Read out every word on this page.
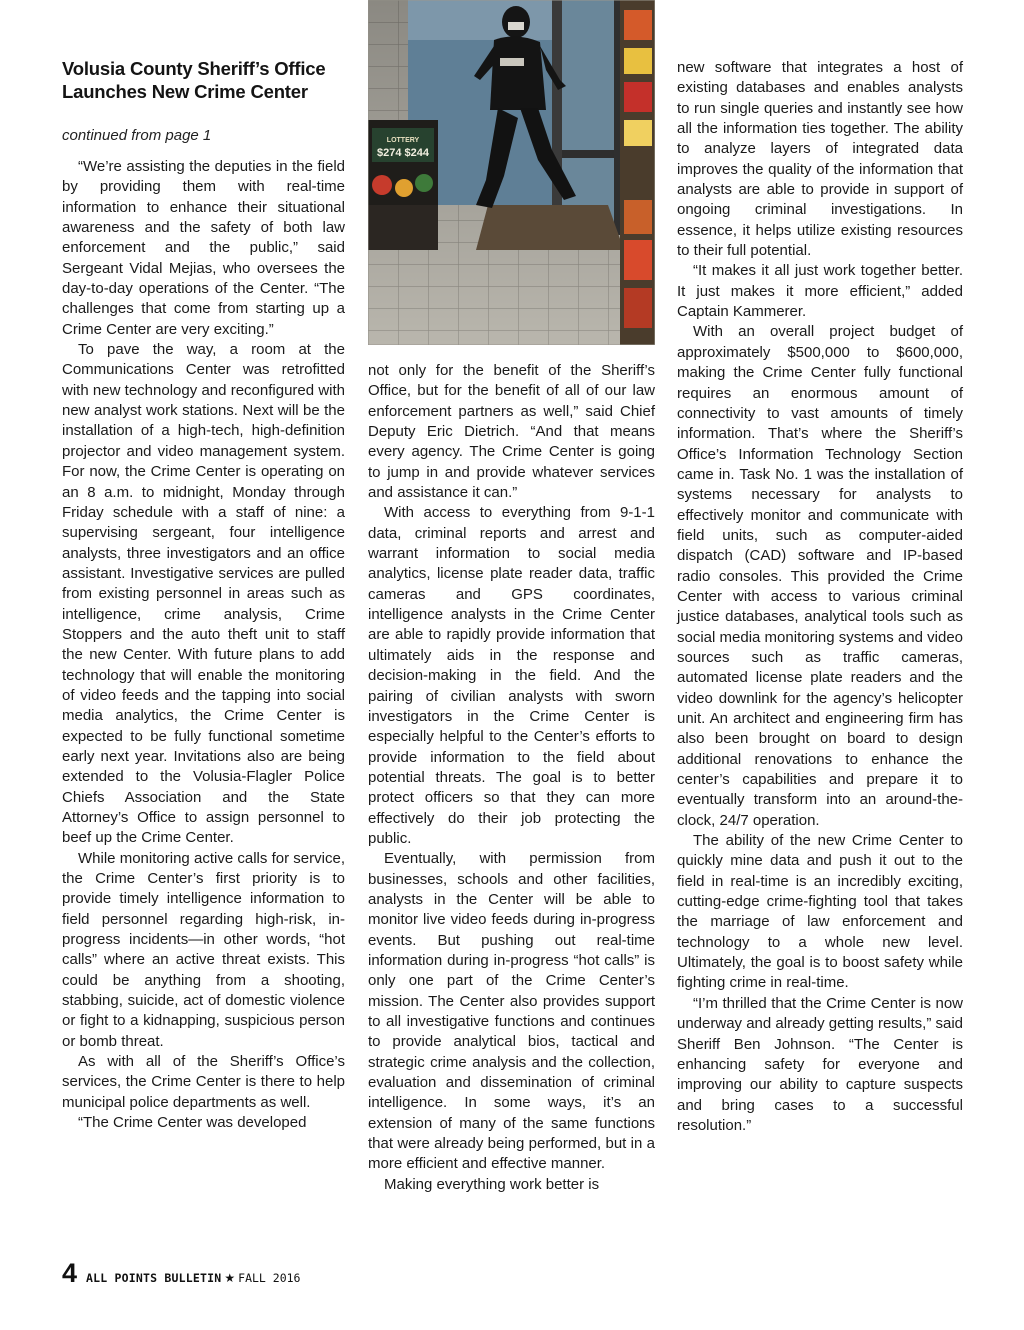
Volusia County Sheriff’s Office
Launches New Crime Center
continued from page 1

“We’re assisting the deputies in the field by providing them with real-time information to enhance their situational awareness and the safety of both law enforcement and the public,” said Sergeant Vidal Mejias, who oversees the day-to-day operations of the Center. “The challenges that come from starting up a Crime Center are very exciting.”

To pave the way, a room at the Communications Center was retrofitted with new technology and reconfigured with new analyst work stations. Next will be the installation of a high-tech, high-definition projector and video management system. For now, the Crime Center is operating on an 8 a.m. to midnight, Monday through Friday schedule with a staff of nine: a supervising sergeant, four intelligence analysts, three investigators and an office assistant. Investigative services are pulled from existing personnel in areas such as intelligence, crime analysis, Crime Stoppers and the auto theft unit to staff the new Center. With future plans to add technology that will enable the monitoring of video feeds and the tapping into social media analytics, the Crime Center is expected to be fully functional sometime early next year. Invitations also are being extended to the Volusia-Flagler Police Chiefs Association and the State Attorney’s Office to assign personnel to beef up the Crime Center.

While monitoring active calls for service, the Crime Center’s first priority is to provide timely intelligence information to field personnel regarding high-risk, in-progress incidents—in other words, “hot calls” where an active threat exists. This could be anything from a shooting, stabbing, suicide, act of domestic violence or fight to a kidnapping, suspicious person or bomb threat.

As with all of the Sheriff’s Office’s services, the Crime Center is there to help municipal police departments as well.

“The Crime Center was developed

LOTTERY
$274 $244

not only for the benefit of the Sheriff’s Office, but for the benefit of all of our law enforcement partners as well,” said Chief Deputy Eric Dietrich. “And that means every agency. The Crime Center is going to jump in and provide whatever services and assistance it can.”

With access to everything from 9-1-1 data, criminal reports and arrest and warrant information to social media analytics, license plate reader data, traffic cameras and GPS coordinates, intelligence analysts in the Crime Center are able to rapidly provide information that ultimately aids in the response and decision-making in the field. And the pairing of civilian analysts with sworn investigators in the Crime Center is especially helpful to the Center’s efforts to provide information to the field about potential threats. The goal is to better protect officers so that they can more effectively do their job protecting the public.

Eventually, with permission from businesses, schools and other facilities, analysts in the Center will be able to monitor live video feeds during in-progress events. But pushing out real-time information during in-progress “hot calls” is only one part of the Crime Center’s mission. The Center also provides support to all investigative functions and continues to provide analytical bios, tactical and strategic crime analysis and the collection, evaluation and dissemination of criminal intelligence. In some ways, it’s an extension of many of the same functions that were already being performed, but in a more efficient and effective manner.

Making everything work better is

new software that integrates a host of existing databases and enables analysts to run single queries and instantly see how all the information ties together. The ability to analyze layers of integrated data improves the quality of the information that analysts are able to provide in support of ongoing criminal investigations. In essence, it helps utilize existing resources to their full potential.

“It makes it all just work together better. It just makes it more efficient,” added Captain Kammerer.

With an overall project budget of approximately $500,000 to $600,000, making the Crime Center fully functional requires an enormous amount of connectivity to vast amounts of timely information. That’s where the Sheriff’s Office’s Information Technology Section came in. Task No. 1 was the installation of systems necessary for analysts to effectively monitor and communicate with field units, such as computer-aided dispatch (CAD) software and IP-based radio consoles. This provided the Crime Center with access to various criminal justice databases, analytical tools such as social media monitoring systems and video sources such as traffic cameras, automated license plate readers and the video downlink for the agency’s helicopter unit. An architect and engineering firm has also been brought on board to design additional renovations to enhance the center’s capabilities and prepare it to eventually transform into an around-the-clock, 24/7 operation.

The ability of the new Crime Center to quickly mine data and push it out to the field in real-time is an incredibly exciting, cutting-edge crime-fighting tool that takes the marriage of law enforcement and technology to a whole new level. Ultimately, the goal is to boost safety while fighting crime in real-time.

“I’m thrilled that the Crime Center is now underway and already getting results,” said Sheriff Ben Johnson. “The Center is enhancing safety for everyone and improving our ability to capture suspects and bring cases to a successful resolution.”

4 ALL POINTS BULLETIN ★ FALL 2016
